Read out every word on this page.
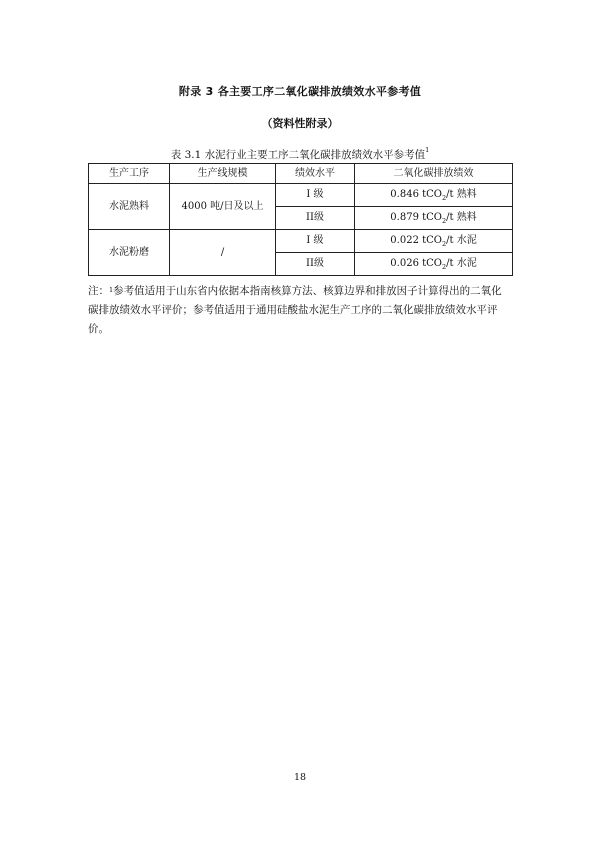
附录 3 各主要工序二氧化碳排放绩效水平参考值
（资料性附录）
表 3.1 水泥行业主要工序二氧化碳排放绩效水平参考值$^1$
生产工序	生产线规模	绩效水平	二氧化碳排放绩效
水泥熟料	4000 吨/日及以上	I 级	0.846 tCO$_2$/t 熟料
		II级	0.879 tCO$_2$/t 熟料
水泥粉磨	/	I 级	0.022 tCO$_2$/t 水泥
		II级	0.026 tCO$_2$/t 水泥

注：$^1$参考值适用于山东省内依据本指南核算方法、核算边界和排放因子计算得出的二氧化

碳排放绩效水平评价；参考值适用于通用硅酸盐水泥生产工序的二氧化碳排放绩效水平评价。

18
